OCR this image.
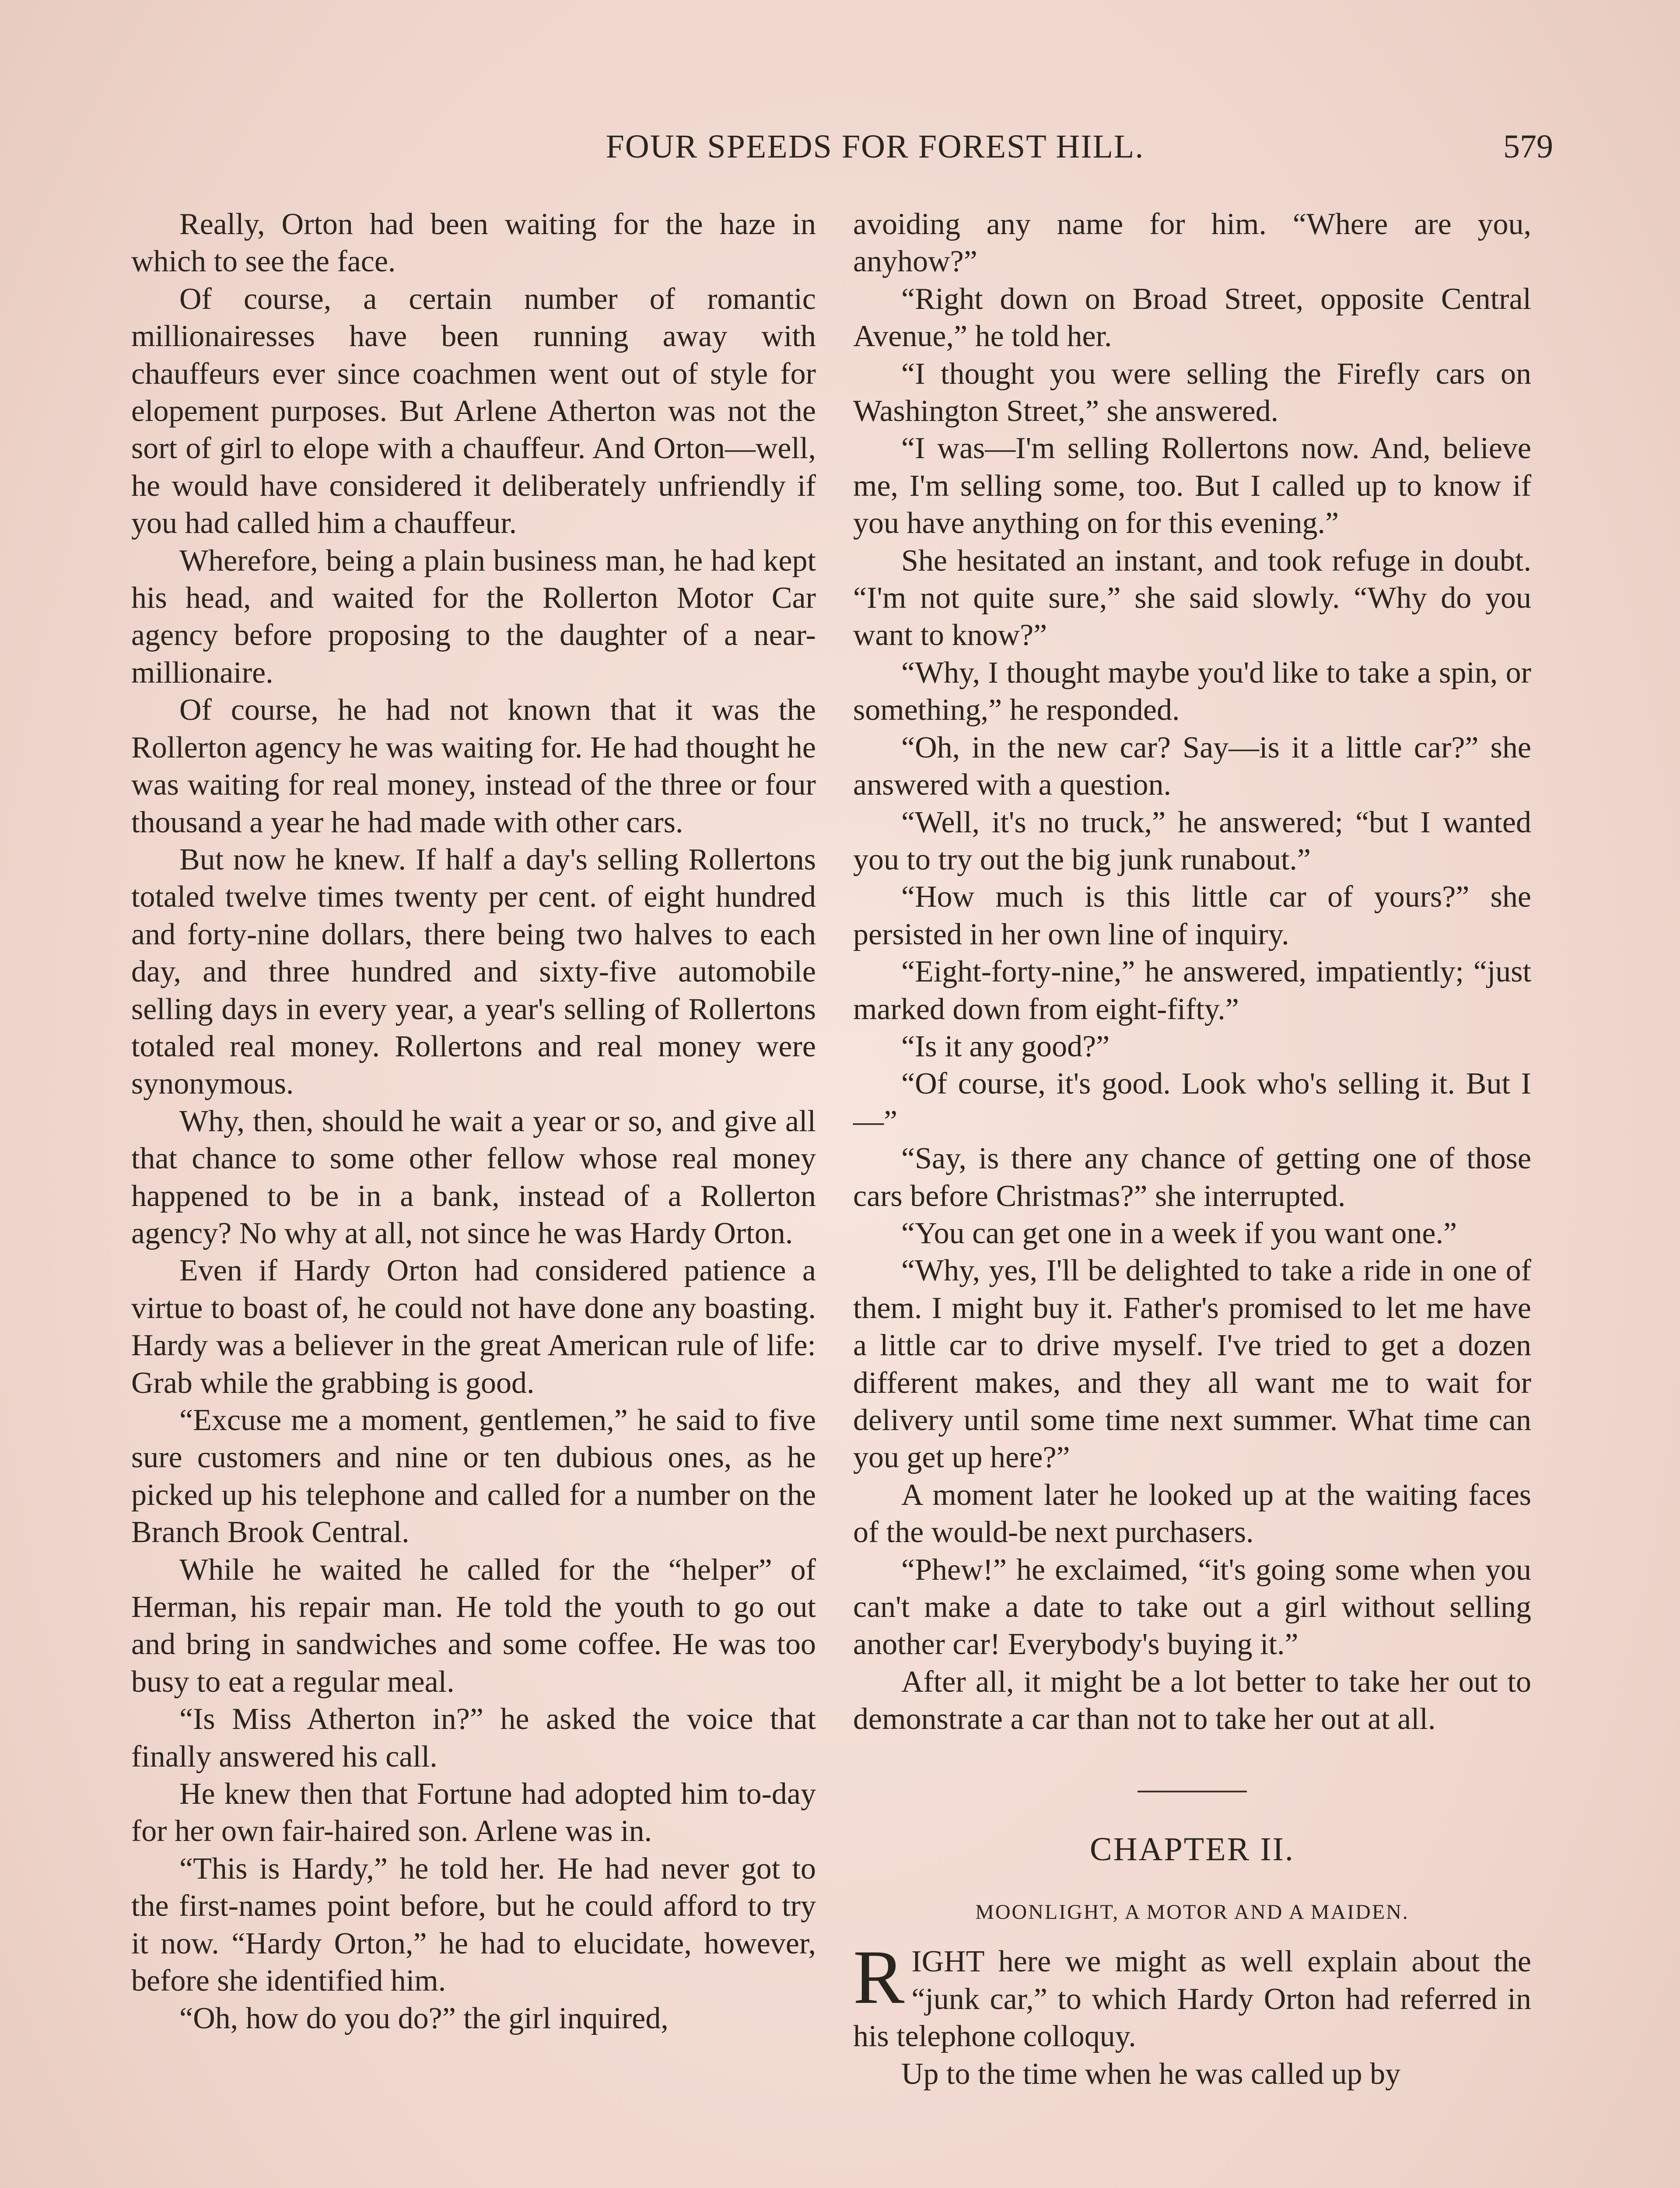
FOUR SPEEDS FOR FOREST HILL.	579

Really, Orton had been waiting for the haze in which to see the face.

Of course, a certain number of romantic millionairesses have been running away with chauffeurs ever since coachmen went out of style for elopement purposes. But Arlene Atherton was not the sort of girl to elope with a chauffeur. And Orton—well, he would have considered it deliberately unfriendly if you had called him a chauffeur.

Wherefore, being a plain business man, he had kept his head, and waited for the Rollerton Motor Car agency before proposing to the daughter of a near-millionaire.

Of course, he had not known that it was the Rollerton agency he was waiting for. He had thought he was waiting for real money, instead of the three or four thousand a year he had made with other cars.

But now he knew. If half a day's selling Rollertons totaled twelve times twenty per cent. of eight hundred and forty-nine dollars, there being two halves to each day, and three hundred and sixty-five automobile selling days in every year, a year's selling of Rollertons totaled real money. Rollertons and real money were synonymous.

Why, then, should he wait a year or so, and give all that chance to some other fellow whose real money happened to be in a bank, instead of a Rollerton agency? No why at all, not since he was Hardy Orton.

Even if Hardy Orton had considered patience a virtue to boast of, he could not have done any boasting. Hardy was a believer in the great American rule of life: Grab while the grabbing is good.

“Excuse me a moment, gentlemen,” he said to five sure customers and nine or ten dubious ones, as he picked up his telephone and called for a number on the Branch Brook Central.

While he waited he called for the “helper” of Herman, his repair man. He told the youth to go out and bring in sandwiches and some coffee. He was too busy to eat a regular meal.

“Is Miss Atherton in?” he asked the voice that finally answered his call.

He knew then that Fortune had adopted him to-day for her own fair-haired son. Arlene was in.

“This is Hardy,” he told her. He had never got to the first-names point before, but he could afford to try it now. “Hardy Orton,” he had to elucidate, however, before she identified him.

“Oh, how do you do?” the girl inquired,

avoiding any name for him. “Where are you, anyhow?”

“Right down on Broad Street, opposite Central Avenue,” he told her.

“I thought you were selling the Firefly cars on Washington Street,” she answered.

“I was—I'm selling Rollertons now. And, believe me, I'm selling some, too. But I called up to know if you have anything on for this evening.”

She hesitated an instant, and took refuge in doubt. “I'm not quite sure,” she said slowly. “Why do you want to know?”

“Why, I thought maybe you'd like to take a spin, or something,” he responded.

“Oh, in the new car? Say—is it a little car?” she answered with a question.

“Well, it's no truck,” he answered; “but I wanted you to try out the big junk runabout.”

“How much is this little car of yours?” she persisted in her own line of inquiry.

“Eight-forty-nine,” he answered, impatiently; “just marked down from eight-fifty.”

“Is it any good?”

“Of course, it's good. Look who's selling it. But I—”

“Say, is there any chance of getting one of those cars before Christmas?” she interrupted.

“You can get one in a week if you want one.”

“Why, yes, I'll be delighted to take a ride in one of them. I might buy it. Father's promised to let me have a little car to drive myself. I've tried to get a dozen different makes, and they all want me to wait for delivery until some time next summer. What time can you get up here?”

A moment later he looked up at the waiting faces of the would-be next purchasers.

“Phew!” he exclaimed, “it's going some when you can't make a date to take out a girl without selling another car! Everybody's buying it.”

After all, it might be a lot better to take her out to demonstrate a car than not to take her out at all.

CHAPTER II.
MOONLIGHT, A MOTOR AND A MAIDEN.

RIGHT here we might as well explain about the “junk car,” to which Hardy Orton had referred in his telephone colloquy.

Up to the time when he was called up by
